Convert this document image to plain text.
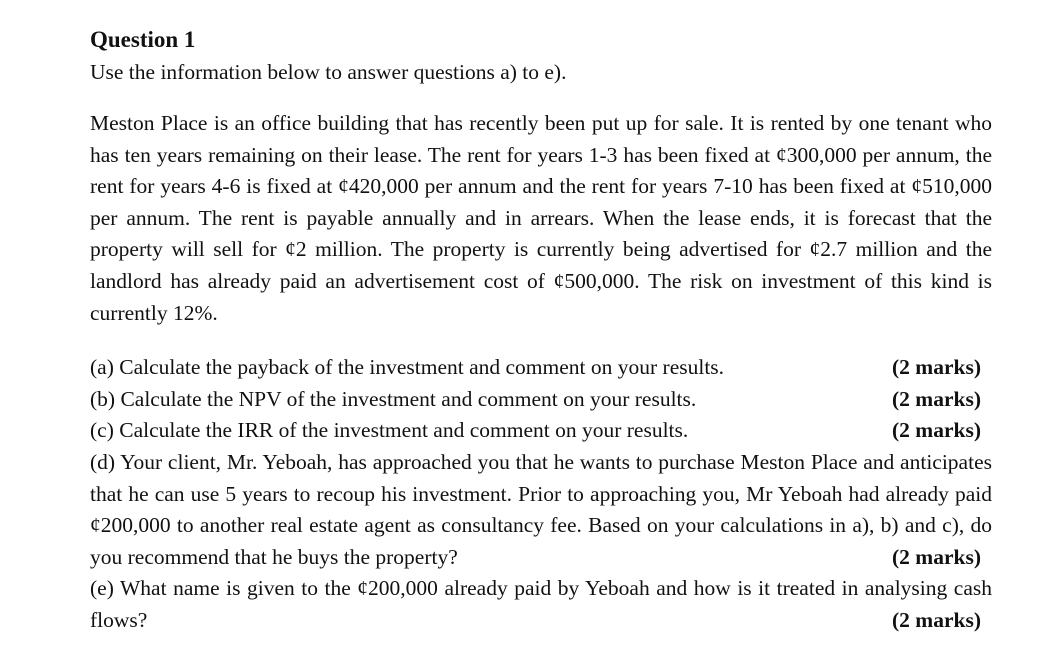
Question 1

Use the information below to answer questions a) to e).

Meston Place is an office building that has recently been put up for sale. It is rented by one tenant who has ten years remaining on their lease. The rent for years 1-3 has been fixed at ¢300,000 per annum, the rent for years 4-6 is fixed at ¢420,000 per annum and the rent for years 7-10 has been fixed at ¢510,000 per annum. The rent is payable annually and in arrears. When the lease ends, it is forecast that the property will sell for ¢2 million. The property is currently being advertised for ¢2.7 million and the landlord has already paid an advertisement cost of ¢500,000. The risk on investment of this kind is currently 12%.

(a) Calculate the payback of the investment and comment on your results.	(2 marks)
(b) Calculate the NPV of the investment and comment on your results.	(2 marks)
(c) Calculate the IRR of the investment and comment on your results.	(2 marks)

(d) Your client, Mr. Yeboah, has approached you that he wants to purchase Meston Place and anticipates that he can use 5 years to recoup his investment. Prior to approaching you, Mr Yeboah had already paid ¢200,000 to another real estate agent as consultancy fee. Based on your calculations in a), b) and c), do you recommend that he buys the property?	(2 marks)

(e) What name is given to the ¢200,000 already paid by Yeboah and how is it treated in analysing cash flows?	(2 marks)
